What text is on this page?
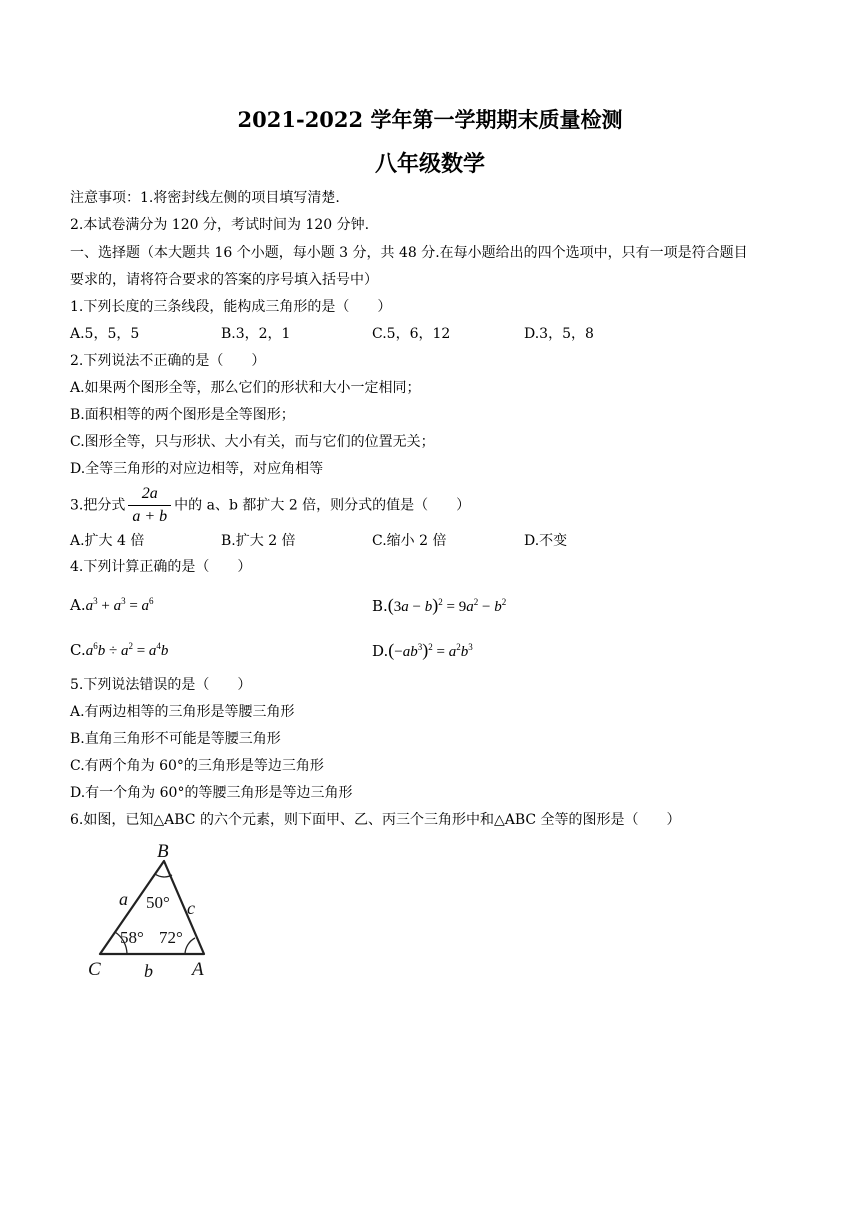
2021-2022 学年第一学期期末质量检测
八年级数学
注意事项：1.将密封线左侧的项目填写清楚.
2.本试卷满分为 120 分，考试时间为 120 分钟.
一、选择题（本大题共 16 个小题，每小题 3 分，共 48 分.在每小题给出的四个选项中，只有一项是符合题目
要求的，请将符合要求的答案的序号填入括号中）
1.下列长度的三条线段，能构成三角形的是（　　）
A.5，5，5	B.3，2，1	C.5，6，12	D.3，5，8
2.下列说法不正确的是（　　）
A.如果两个图形全等，那么它们的形状和大小一定相同；
B.面积相等的两个图形是全等图形；
C.图形全等，只与形状、大小有关，而与它们的位置无关；
D.全等三角形的对应边相等，对应角相等
3.把分式 $\frac{2a}{a + b}$ 中的 a、b 都扩大 2 倍，则分式的值是（　　）
A.扩大 4 倍	B.扩大 2 倍	C.缩小 2 倍	D.不变
4.下列计算正确的是（　　）
$A.a^3 + a^3 = a^6$	$B.(3a - b)^2 = 9a^2 - b^2$
$C.a^6b \div a^2 = a^4b$	$D.(-ab^3)^2 = a^2b^3$
5.下列说法错误的是（　　）
A.有两边相等的三角形是等腰三角形
B.直角三角形不可能是等腰三角形
C.有两个角为 60°的三角形是等边三角形
D.有一个角为 60°的等腰三角形是等边三角形
6.如图，已知△ABC 的六个元素，则下面甲、乙、丙三个三角形中和△ABC 全等的图形是（　　）
B
C	A
a
b
c
50°
58° 72°
